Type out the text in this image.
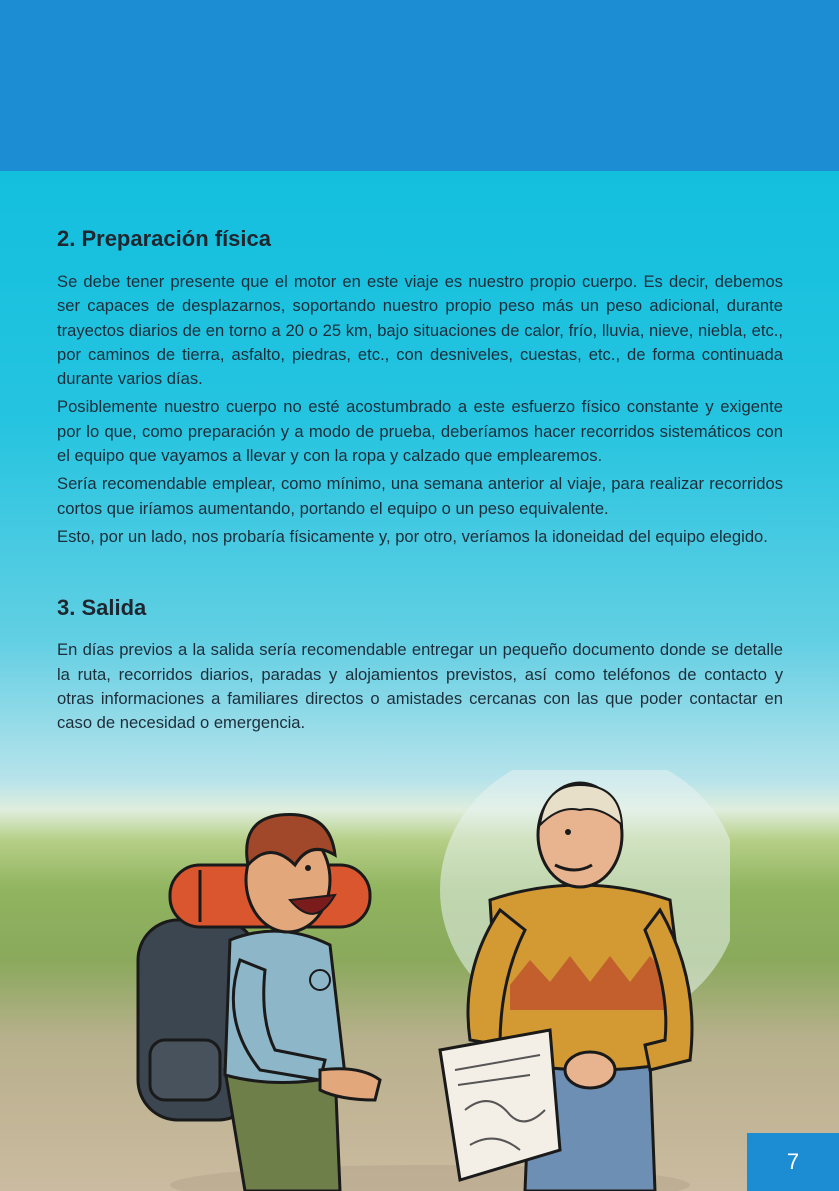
2. Preparación física

Se debe tener presente que el motor en este viaje es nuestro propio cuerpo. Es decir, debemos ser capaces de desplazarnos, soportando nuestro propio peso más un peso adicional, durante trayectos diarios de en torno a 20 o 25 km, bajo situaciones de calor, frío, lluvia, nieve, niebla, etc., por caminos de tierra, asfalto, piedras, etc., con desniveles, cuestas, etc., de forma continuada durante varios días.

Posiblemente nuestro cuerpo no esté acostumbrado a este esfuerzo físico constante y exigente por lo que, como preparación y a modo de prueba, deberíamos hacer recorridos sistemáticos con el equipo que vayamos a llevar y con la ropa y calzado que emplearemos.

Sería recomendable emplear, como mínimo, una semana anterior al viaje, para realizar recorridos cortos que iríamos aumentando, portando el equipo o un peso equivalente.

Esto, por un lado, nos probaría físicamente y, por otro, veríamos la idoneidad del equipo elegido.

3. Salida

En días previos a la salida sería recomendable entregar un pequeño documento donde se detalle la ruta, recorridos diarios, paradas y alojamientos previstos, así como teléfonos de contacto y otras informaciones a familiares directos o amistades cercanas con las que poder contactar en caso de necesidad o emergencia.

7
